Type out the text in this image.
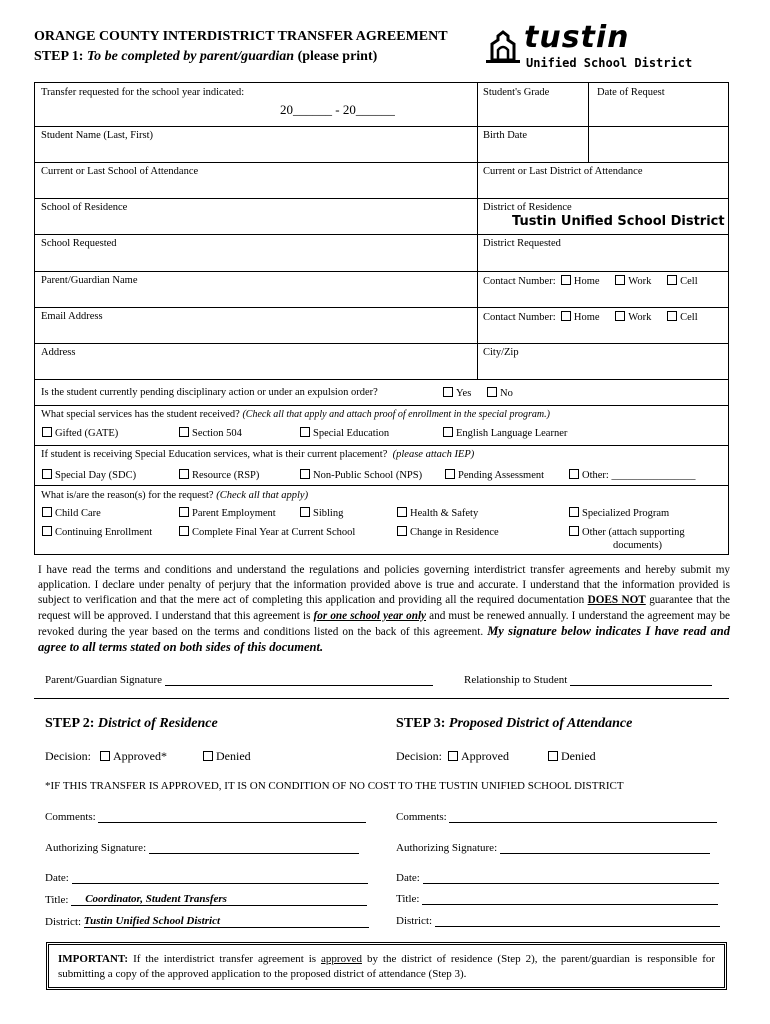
ORANGE COUNTY INTERDISTRICT TRANSFER AGREEMENT
STEP 1: To be completed by parent/guardian (please print)
tustin
Unified School District
Transfer requested for the school year indicated:
20______ - 20______
Student's Grade	Date of Request
Student Name (Last, First)	Birth Date
Current or Last School of Attendance	Current or Last District of Attendance
School of Residence	District of Residence
Tustin Unified School District
School Requested	District Requested
Parent/Guardian Name	Contact Number: Home	Work	Cell
Email Address	Contact Number: Home	Work	Cell
Address	City/Zip
Is the student currently pending disciplinary action or under an expulsion order?	Yes	No
What special services has the student received? (Check all that apply and attach proof of enrollment in the special program.)
Gifted (GATE)	Section 504	Special Education	English Language Learner
If student is receiving Special Education services, what is their current placement? (please attach IEP)
Special Day (SDC)	Resource (RSP)	Non-Public School (NPS)	Pending Assessment	Other: ________________
What is/are the reason(s) for the request? (Check all that apply)
Child Care	Parent Employment	Sibling	Health & Safety	Specialized Program
Continuing Enrollment	Complete Final Year at Current School	Change in Residence	Other (attach supporting
documents)
I have read the terms and conditions and understand the regulations and policies governing interdistrict transfer agreements and hereby submit my application. I declare under penalty of perjury that the information provided above is true and accurate. I understand that the information provided is subject to verification and that the mere act of completing this application and providing all the required documentation DOES NOT guarantee that the request will be approved. I understand that this agreement is for one school year only and must be renewed annually. I understand the agreement may be revoked during the year based on the terms and conditions listed on the back of this agreement. My signature below indicates I have read and agree to all terms stated on both sides of this document.
Parent/Guardian Signature	Relationship to Student
STEP 2: District of Residence	STEP 3: Proposed District of Attendance
Decision: Approved*	Denied	Decision: Approved	Denied
*IF THIS TRANSFER IS APPROVED, IT IS ON CONDITION OF NO COST TO THE TUSTIN UNIFIED SCHOOL DISTRICT
Comments:	Comments:
Authorizing Signature:	Authorizing Signature:
Date:	Date:
Title: Coordinator, Student Transfers	Title:
District: Tustin Unified School District	District:
IMPORTANT: If the interdistrict transfer agreement is approved by the district of residence (Step 2), the parent/guardian is responsible for submitting a copy of the approved application to the proposed district of attendance (Step 3).
